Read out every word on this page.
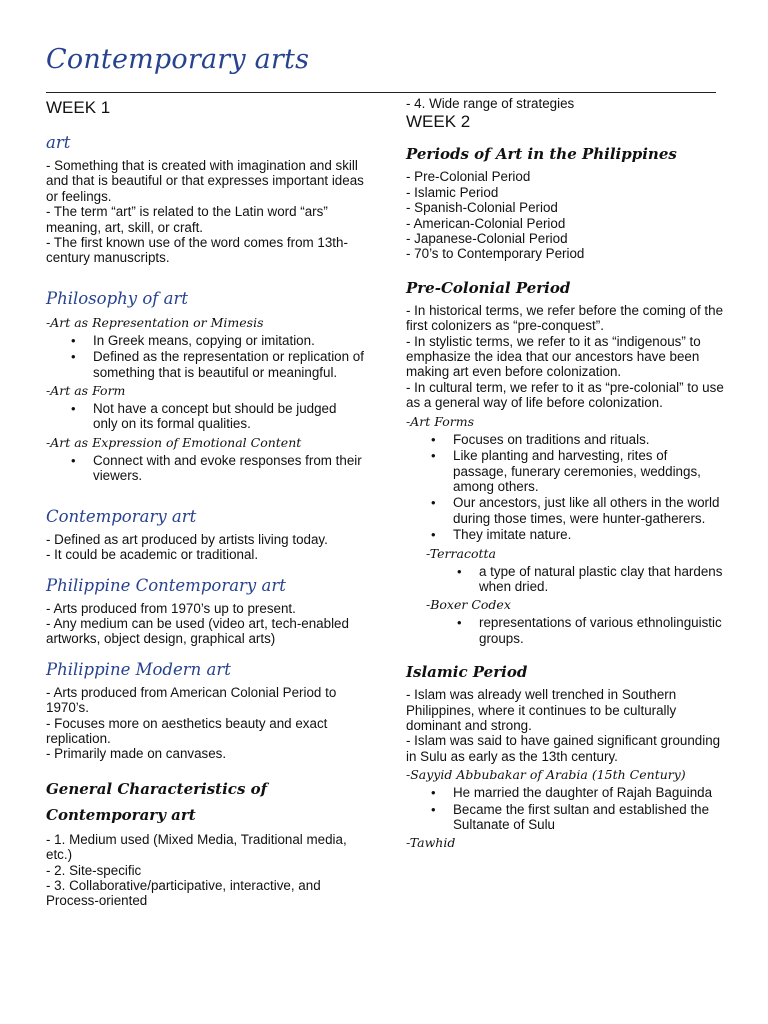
Contemporary arts
WEEK 1
art

- Something that is created with imagination and skill and that is beautiful or that expresses important ideas or feelings.

- The term “art” is related to the Latin word “ars” meaning, art, skill, or craft.

- The first known use of the word comes from 13th-century manuscripts.

Philosophy of art
-Art as Representation or Mimesis
• In Greek means, copying or imitation.
• Defined as the representation or replication of something that is beautiful or meaningful.
-Art as Form
• Not have a concept but should be judged only on its formal qualities.
-Art as Expression of Emotional Content
• Connect with and evoke responses from their viewers.
Contemporary art

- Defined as art produced by artists living today.

- It could be academic or traditional.

Philippine Contemporary art

- Arts produced from 1970’s up to present.

- Any medium can be used (video art, tech-enabled artworks, object design, graphical arts)

Philippine Modern art

- Arts produced from American Colonial Period to 1970’s.

- Focuses more on aesthetics beauty and exact replication.

- Primarily made on canvases.

General Characteristics of Contemporary art

- 1. Medium used (Mixed Media, Traditional media, etc.)

- 2. Site-specific

- 3. Collaborative/participative, interactive, and Process-oriented

- 4. Wide range of strategies

WEEK 2
Periods of Art in the Philippines

- Pre-Colonial Period

- Islamic Period

- Spanish-Colonial Period

- American-Colonial Period

- Japanese-Colonial Period

- 70’s to Contemporary Period

Pre-Colonial Period

- In historical terms, we refer before the coming of the first colonizers as “pre-conquest”.

- In stylistic terms, we refer to it as “indigenous” to emphasize the idea that our ancestors have been making art even before colonization.

- In cultural term, we refer to it as “pre-colonial” to use as a general way of life before colonization.

-Art Forms
• Focuses on traditions and rituals.
• Like planting and harvesting, rites of passage, funerary ceremonies, weddings, among others.
• Our ancestors, just like all others in the world during those times, were hunter-gatherers.
• They imitate nature.
-Terracotta
• a type of natural plastic clay that hardens when dried.
-Boxer Codex
• representations of various ethnolinguistic groups.
Islamic Period

- Islam was already well trenched in Southern Philippines, where it continues to be culturally dominant and strong.

- Islam was said to have gained significant grounding in Sulu as early as the 13th century.

-Sayyid Abbubakar of Arabia (15th Century)
• He married the daughter of Rajah Baguinda
• Became the first sultan and established the Sultanate of Sulu
-Tawhid
